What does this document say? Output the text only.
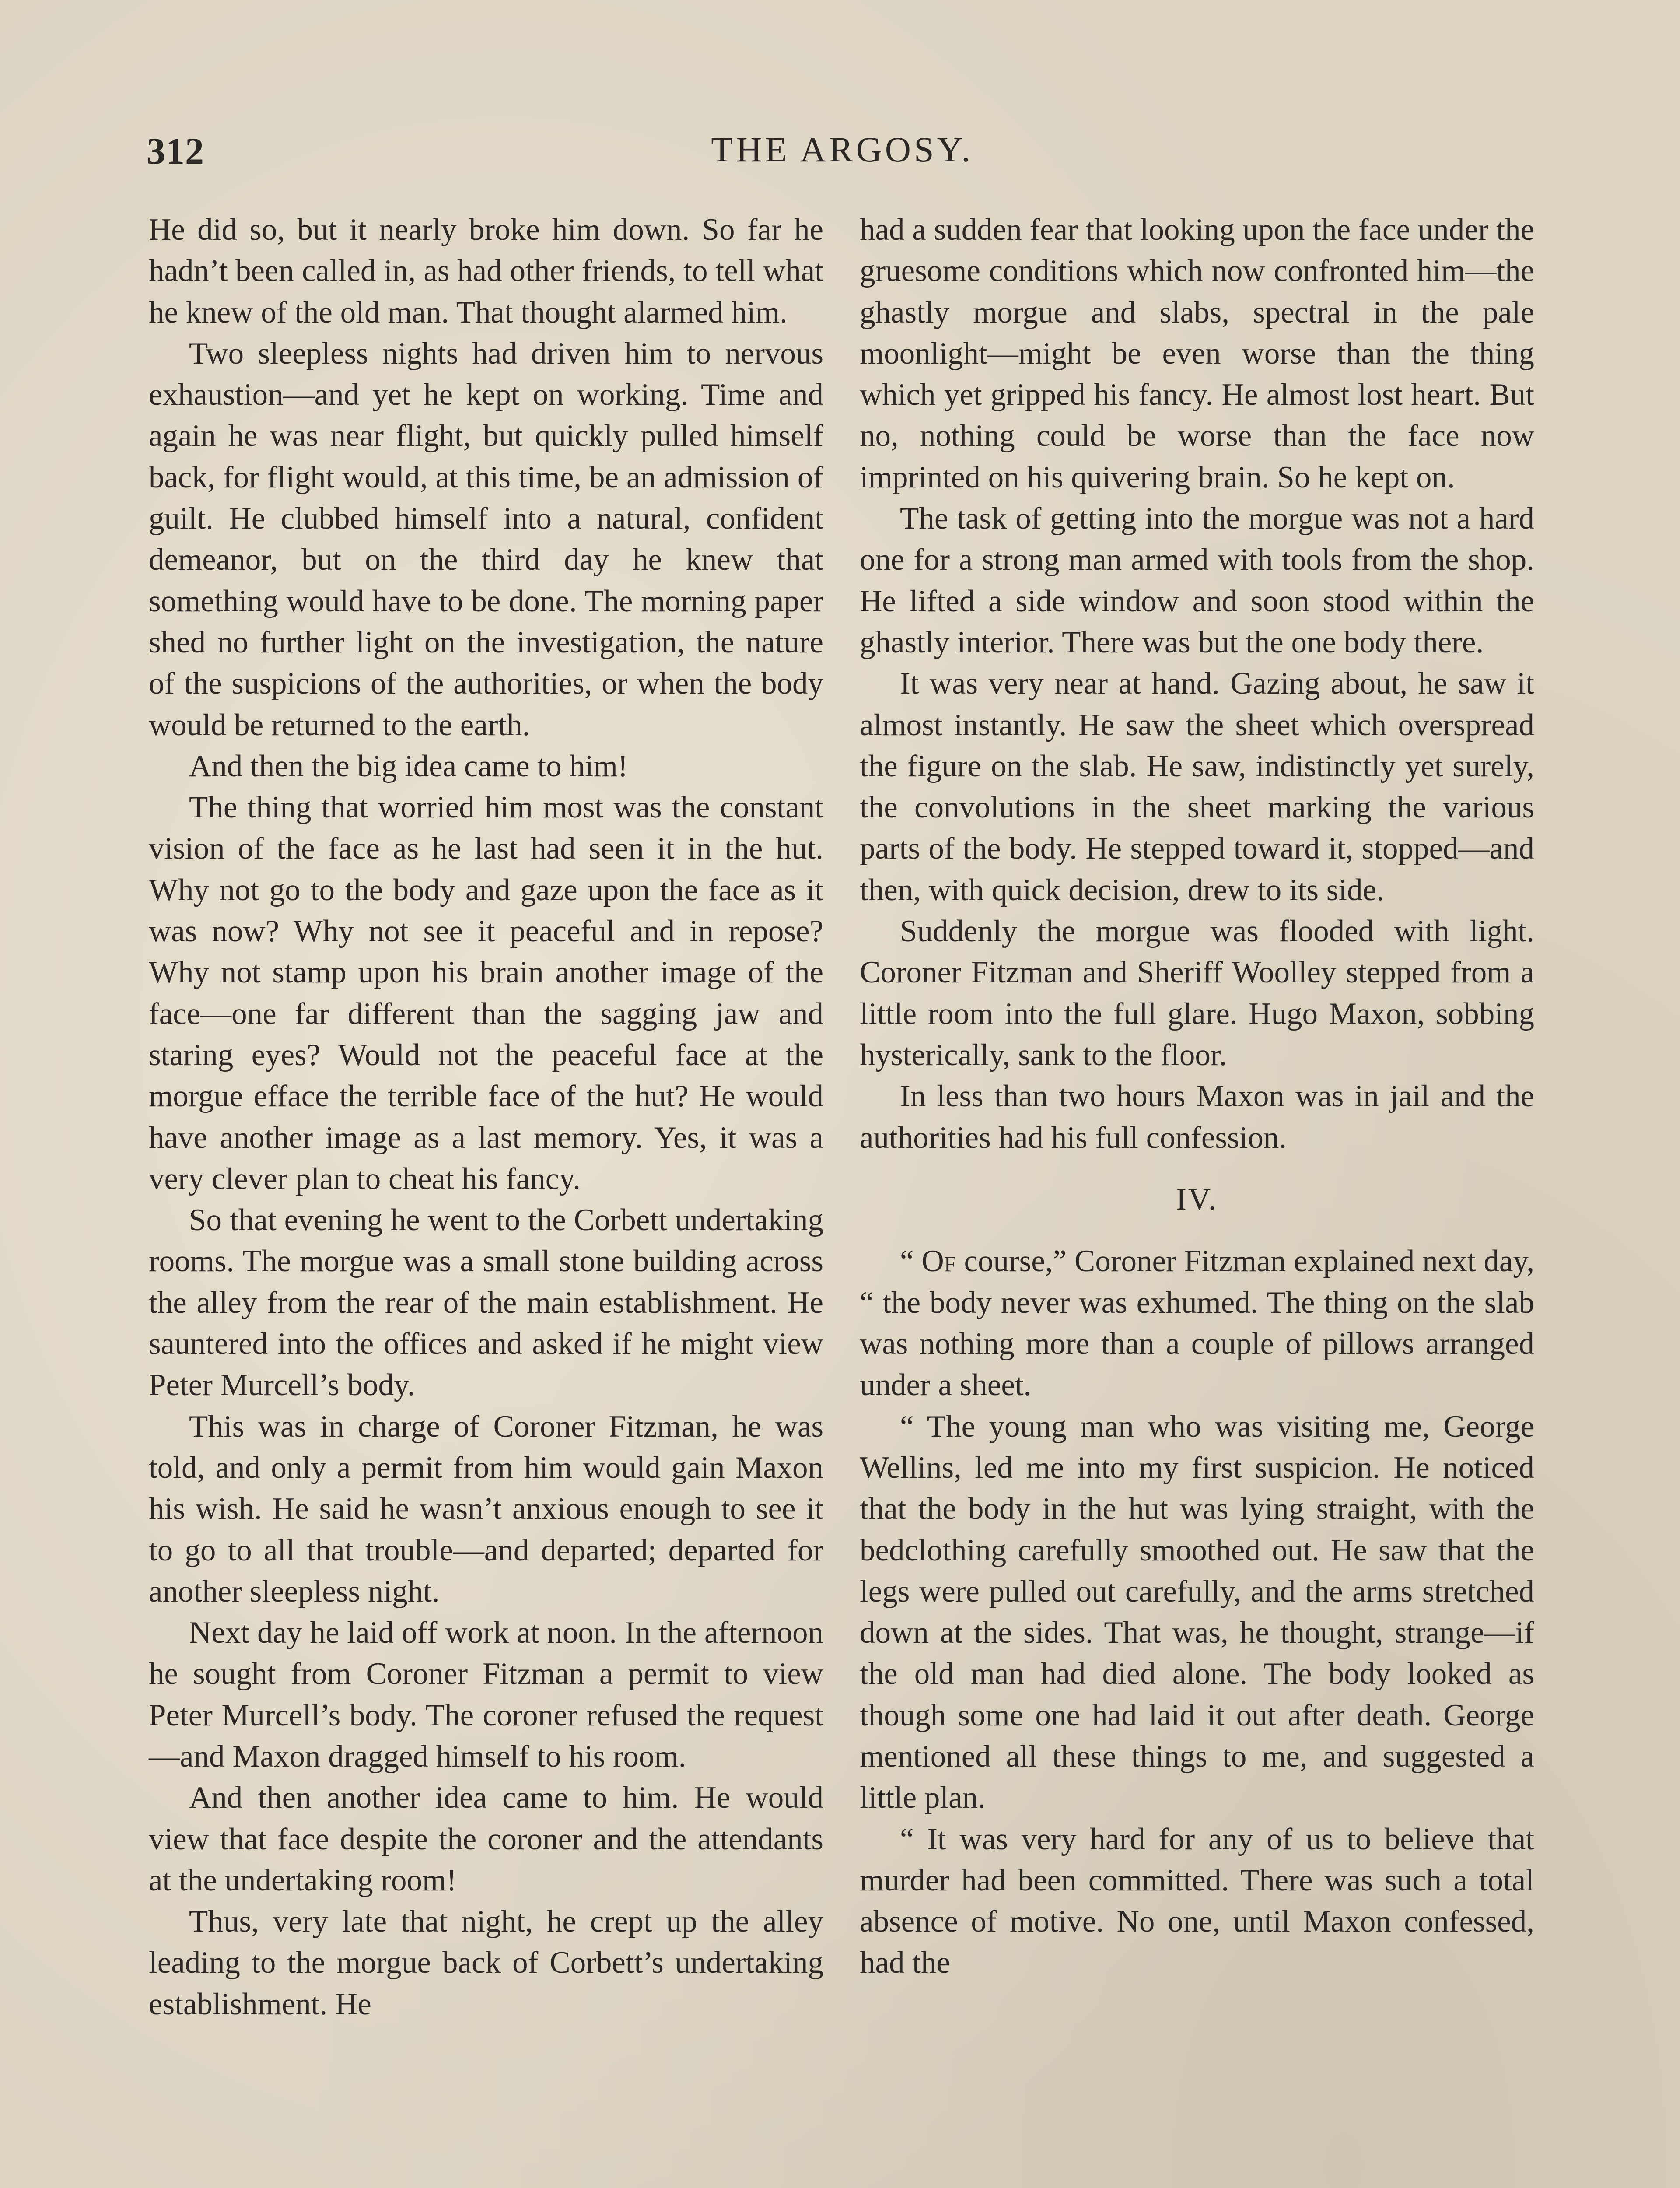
312	THE ARGOSY.

He did so, but it nearly broke him down. So far he hadn’t been called in, as had other friends, to tell what he knew of the old man. That thought alarmed him.

Two sleepless nights had driven him to nervous exhaustion—and yet he kept on working. Time and again he was near flight, but quickly pulled himself back, for flight would, at this time, be an admission of guilt. He clubbed himself into a natural, confident demeanor, but on the third day he knew that something would have to be done. The morning paper shed no further light on the investigation, the nature of the suspicions of the authorities, or when the body would be returned to the earth.

And then the big idea came to him!

The thing that worried him most was the constant vision of the face as he last had seen it in the hut. Why not go to the body and gaze upon the face as it was now? Why not see it peaceful and in repose? Why not stamp upon his brain another image of the face—one far different than the sagging jaw and staring eyes? Would not the peaceful face at the morgue efface the terrible face of the hut? He would have another image as a last memory. Yes, it was a very clever plan to cheat his fancy.

So that evening he went to the Corbett undertaking rooms. The morgue was a small stone building across the alley from the rear of the main establishment. He sauntered into the offices and asked if he might view Peter Murcell’s body.

This was in charge of Coroner Fitzman, he was told, and only a permit from him would gain Maxon his wish. He said he wasn’t anxious enough to see it to go to all that trouble—and departed; departed for another sleepless night.

Next day he laid off work at noon. In the afternoon he sought from Coroner Fitzman a permit to view Peter Murcell’s body. The coroner refused the request—and Maxon dragged himself to his room.

And then another idea came to him. He would view that face despite the coroner and the attendants at the undertaking room!

Thus, very late that night, he crept up the alley leading to the morgue back of Corbett’s undertaking establishment. He

had a sudden fear that looking upon the face under the gruesome conditions which now confronted him—the ghastly morgue and slabs, spectral in the pale moonlight—might be even worse than the thing which yet gripped his fancy. He almost lost heart. But no, nothing could be worse than the face now imprinted on his quivering brain. So he kept on.

The task of getting into the morgue was not a hard one for a strong man armed with tools from the shop. He lifted a side window and soon stood within the ghastly interior. There was but the one body there.

It was very near at hand. Gazing about, he saw it almost instantly. He saw the sheet which overspread the figure on the slab. He saw, indistinctly yet surely, the convolutions in the sheet marking the various parts of the body. He stepped toward it, stopped—and then, with quick decision, drew to its side.

Suddenly the morgue was flooded with light. Coroner Fitzman and Sheriff Woolley stepped from a little room into the full glare. Hugo Maxon, sobbing hysterically, sank to the floor.

In less than two hours Maxon was in jail and the authorities had his full confession.

IV.

“ Of course,” Coroner Fitzman explained next day, “ the body never was exhumed. The thing on the slab was nothing more than a couple of pillows arranged under a sheet.

“ The young man who was visiting me, George Wellins, led me into my first suspicion. He noticed that the body in the hut was lying straight, with the bedclothing carefully smoothed out. He saw that the legs were pulled out carefully, and the arms stretched down at the sides. That was, he thought, strange—if the old man had died alone. The body looked as though some one had laid it out after death. George mentioned all these things to me, and suggested a little plan.

“ It was very hard for any of us to believe that murder had been committed. There was such a total absence of motive. No one, until Maxon confessed, had the
